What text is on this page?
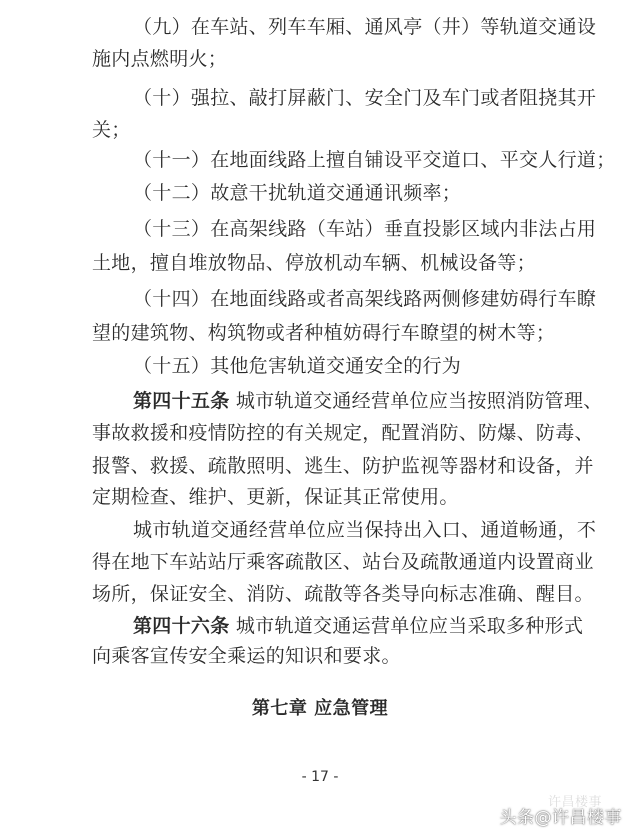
（九）在车站、列车车厢、通风亭（井）等轨道交通设
施内点燃明火；
（十）强拉、敲打屏蔽门、安全门及车门或者阻挠其开
关；
（十一）在地面线路上擅自铺设平交道口、平交人行道；
（十二）故意干扰轨道交通通讯频率；
（十三）在高架线路（车站）垂直投影区域内非法占用
土地，擅自堆放物品、停放机动车辆、机械设备等；
（十四）在地面线路或者高架线路两侧修建妨碍行车瞭
望的建筑物、构筑物或者种植妨碍行车瞭望的树木等；
（十五）其他危害轨道交通安全的行为
第四十五条 城市轨道交通经营单位应当按照消防管理、
事故救援和疫情防控的有关规定，配置消防、防爆、防毒、
报警、救援、疏散照明、逃生、防护监视等器材和设备，并
定期检查、维护、更新，保证其正常使用。
城市轨道交通经营单位应当保持出入口、通道畅通，不
得在地下车站站厅乘客疏散区、站台及疏散通道内设置商业
场所，保证安全、消防、疏散等各类导向标志准确、醒目。
第四十六条 城市轨道交通运营单位应当采取多种形式
向乘客宣传安全乘运的知识和要求。
第七章 应急管理
- 17 -
许昌楼事
头条@许昌楼事
